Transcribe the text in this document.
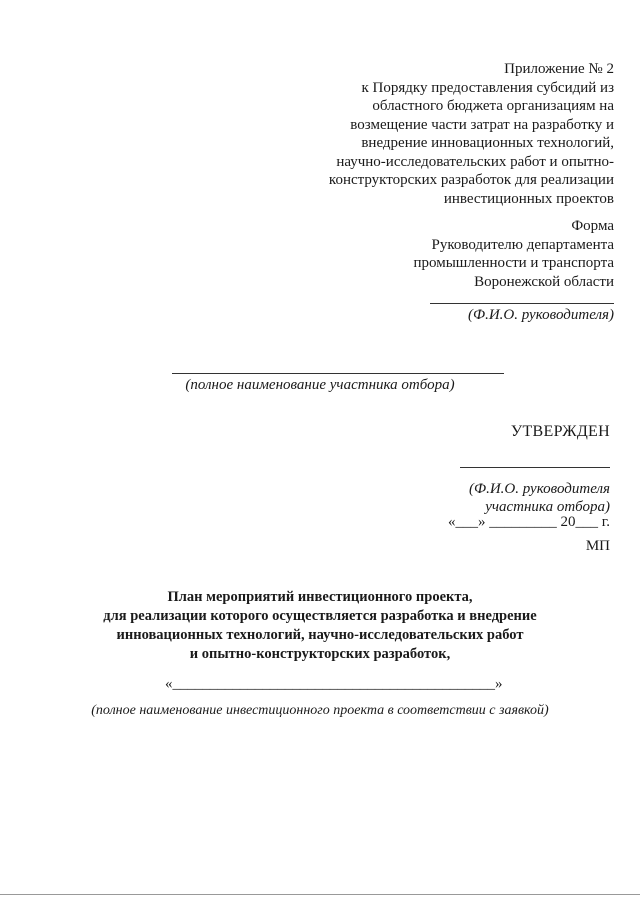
Приложение № 2
к Порядку предоставления субсидий из
областного бюджета организациям на
возмещение части затрат на разработку и
внедрение инновационных технологий,
научно-исследовательских работ и опытно-
конструкторских разработок для реализации
инвестиционных проектов
Форма
Руководителю департамента
промышленности и транспорта
Воронежской области
(Ф.И.О. руководителя)
(полное наименование участника отбора)
УТВЕРЖДЕН
(Ф.И.О. руководителя
участника отбора)
«___» _________ 20___ г.
МП
План мероприятий инвестиционного проекта,
для реализации которого осуществляется разработка и внедрение
инновационных технологий, научно-исследовательских работ
и опытно-конструкторских разработок,
«___________________________________________»
(полное наименование инвестиционного проекта в соответствии с заявкой)
